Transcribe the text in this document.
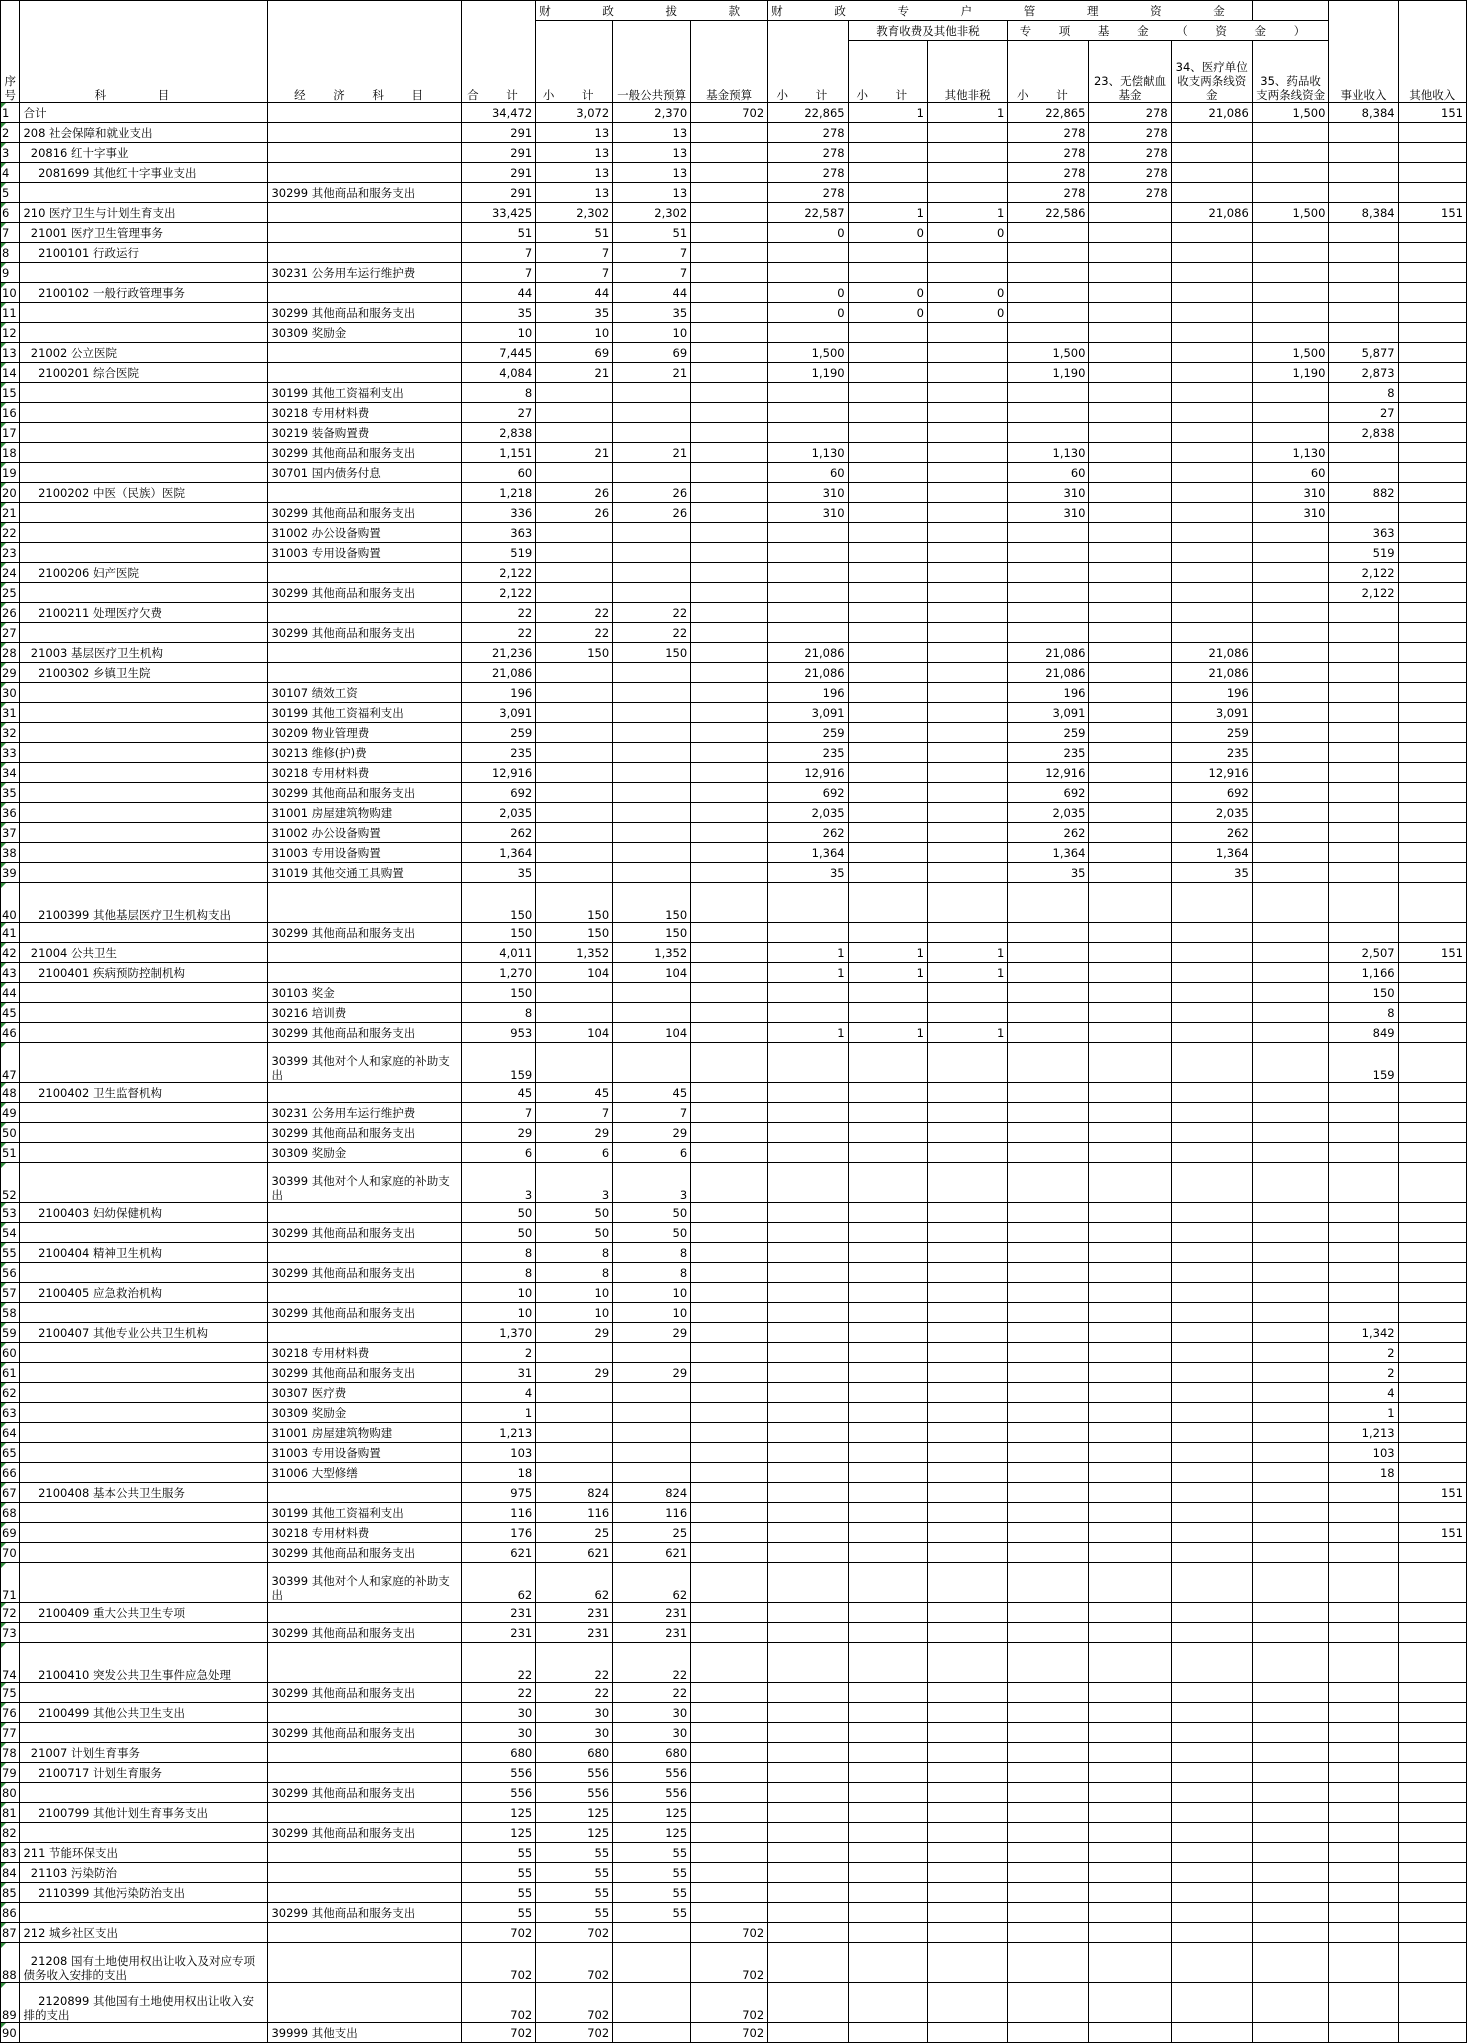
序号	科 目	经 济 科 目	合 计	财 政 拔 款			财 政 专 户 管 理 资 金							事业收入	其他收入
				小 计	一般公共预算	基金预算	小 计	教育收费及其他非税		专 项 基 金 （ 资 金 ）					
								小 计	其他非税	小 计	23、无偿献血基金	34、医疗单位收支两条线资金	35、药品收支两条线资金		

1	合计		34,472	3,072	2,370	702	22,865	1	1	22,865	278	21,086	1,500	8,384	151

2	208 社会保障和就业支出		291	13	13		278			278	278				

3	20816 红十字事业		291	13	13		278			278	278				

4	2081699 其他红十字事业支出		291	13	13		278			278	278				

5		30299 其他商品和服务支出	291	13	13		278			278	278				

6	210 医疗卫生与计划生育支出		33,425	2,302	2,302		22,587	1	1	22,586		21,086	1,500	8,384	151

7	21001 医疗卫生管理事务		51	51	51		0	0	0						

8	2100101 行政运行		7	7	7										

9		30231 公务用车运行维护费	7	7	7										

10	2100102 一般行政管理事务		44	44	44		0	0	0						

11		30299 其他商品和服务支出	35	35	35		0	0	0						

12		30309 奖励金	10	10	10										

13	21002 公立医院		7,445	69	69		1,500			1,500			1,500	5,877	

14	2100201 综合医院		4,084	21	21		1,190			1,190			1,190	2,873	

15		30199 其他工资福利支出	8											8	

16		30218 专用材料费	27											27	

17		30219 装备购置费	2,838											2,838	

18		30299 其他商品和服务支出	1,151	21	21		1,130			1,130			1,130		

19		30701 国内债务付息	60				60			60			60		

20	2100202 中医（民族）医院		1,218	26	26		310			310			310	882	

21		30299 其他商品和服务支出	336	26	26		310			310			310		

22		31002 办公设备购置	363											363	

23		31003 专用设备购置	519											519	

24	2100206 妇产医院		2,122											2,122	

25		30299 其他商品和服务支出	2,122											2,122	

26	2100211 处理医疗欠费		22	22	22										

27		30299 其他商品和服务支出	22	22	22										

28	21003 基层医疗卫生机构		21,236	150	150		21,086			21,086		21,086			

29	2100302 乡镇卫生院		21,086				21,086			21,086		21,086			

30		30107 绩效工资	196				196			196		196			

31		30199 其他工资福利支出	3,091				3,091			3,091		3,091			

32		30209 物业管理费	259				259			259		259			

33		30213 维修(护)费	235				235			235		235			

34		30218 专用材料费	12,916				12,916			12,916		12,916			

35		30299 其他商品和服务支出	692				692			692		692			

36		31001 房屋建筑物购建	2,035				2,035			2,035		2,035			

37		31002 办公设备购置	262				262			262		262			

38		31003 专用设备购置	1,364				1,364			1,364		1,364			

39		31019 其他交通工具购置	35				35			35		35			

40	2100399 其他基层医疗卫生机构支出		150	150	150										

41		30299 其他商品和服务支出	150	150	150										

42	21004 公共卫生		4,011	1,352	1,352		1	1	1					2,507	151

43	2100401 疾病预防控制机构		1,270	104	104		1	1	1					1,166	

44		30103 奖金	150											150	

45		30216 培训费	8											8	

46		30299 其他商品和服务支出	953	104	104		1	1	1					849	

47		30399 其他对个人和家庭的补助支出	159											159	

48	2100402 卫生监督机构		45	45	45										

49		30231 公务用车运行维护费	7	7	7										

50		30299 其他商品和服务支出	29	29	29										

51		30309 奖励金	6	6	6										

52		30399 其他对个人和家庭的补助支出	3	3	3										

53	2100403 妇幼保健机构		50	50	50										

54		30299 其他商品和服务支出	50	50	50										

55	2100404 精神卫生机构		8	8	8										

56		30299 其他商品和服务支出	8	8	8										

57	2100405 应急救治机构		10	10	10										

58		30299 其他商品和服务支出	10	10	10										

59	2100407 其他专业公共卫生机构		1,370	29	29									1,342	

60		30218 专用材料费	2											2	

61		30299 其他商品和服务支出	31	29	29									2	

62		30307 医疗费	4											4	

63		30309 奖励金	1											1	

64		31001 房屋建筑物购建	1,213											1,213	

65		31003 专用设备购置	103											103	

66		31006 大型修缮	18											18	

67	2100408 基本公共卫生服务		975	824	824										151

68		30199 其他工资福利支出	116	116	116										

69		30218 专用材料费	176	25	25										151

70		30299 其他商品和服务支出	621	621	621										

71		30399 其他对个人和家庭的补助支出	62	62	62										

72	2100409 重大公共卫生专项		231	231	231										

73		30299 其他商品和服务支出	231	231	231										

74	2100410 突发公共卫生事件应急处理		22	22	22										

75		30299 其他商品和服务支出	22	22	22										

76	2100499 其他公共卫生支出		30	30	30										

77		30299 其他商品和服务支出	30	30	30										

78	21007 计划生育事务		680	680	680										

79	2100717 计划生育服务		556	556	556										

80		30299 其他商品和服务支出	556	556	556										

81	2100799 其他计划生育事务支出		125	125	125										

82		30299 其他商品和服务支出	125	125	125										

83	211 节能环保支出		55	55	55										

84	21103 污染防治		55	55	55										

85	2110399 其他污染防治支出		55	55	55										

86		30299 其他商品和服务支出	55	55	55										

87	212 城乡社区支出		702	702		702									

88	21208 国有土地使用权出让收入及对应专项债务收入安排的支出		702	702		702									

89	2120899 其他国有土地使用权出让收入安排的支出		702	702		702									

90		39999 其他支出	702	702		702									
